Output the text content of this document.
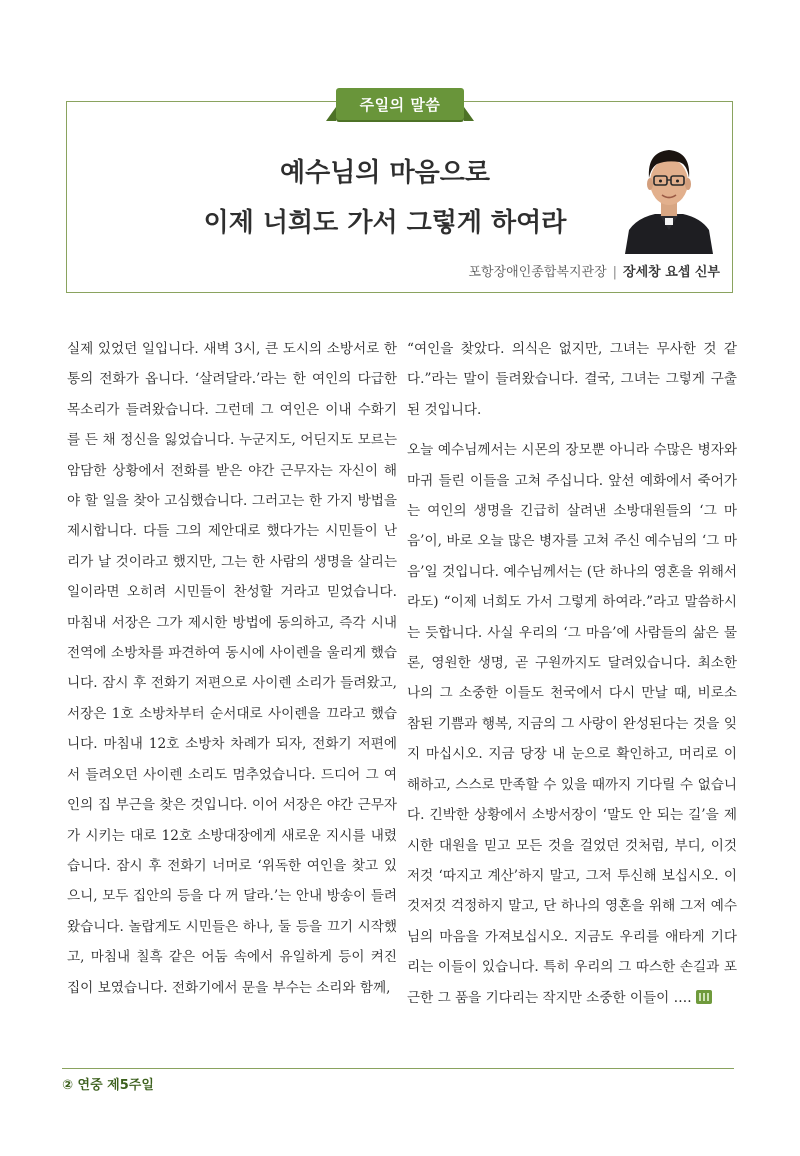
주일의 말씀
예수님의 마음으로
이제 너희도 가서 그렇게 하여라
포항장애인종합복지관장 | 장세창 요셉 신부

실제 있었던 일입니다. 새벽 3시, 큰 도시의 소방서로 한 통의 전화가 옵니다. ‘살려달라.’라는 한 여인의 다급한 목소리가 들려왔습니다. 그런데 그 여인은 이내 수화기를 든 채 정신을 잃었습니다. 누군지도, 어딘지도 모르는 암담한 상황에서 전화를 받은 야간 근무자는 자신이 해야 할 일을 찾아 고심했습니다. 그러고는 한 가지 방법을 제시합니다. 다들 그의 제안대로 했다가는 시민들이 난리가 날 것이라고 했지만, 그는 한 사람의 생명을 살리는 일이라면 오히려 시민들이 찬성할 거라고 믿었습니다. 마침내 서장은 그가 제시한 방법에 동의하고, 즉각 시내 전역에 소방차를 파견하여 동시에 사이렌을 울리게 했습니다. 잠시 후 전화기 저편으로 사이렌 소리가 들려왔고, 서장은 1호 소방차부터 순서대로 사이렌을 끄라고 했습니다. 마침내 12호 소방차 차례가 되자, 전화기 저편에서 들려오던 사이렌 소리도 멈추었습니다. 드디어 그 여인의 집 부근을 찾은 것입니다. 이어 서장은 야간 근무자가 시키는 대로 12호 소방대장에게 새로운 지시를 내렸습니다. 잠시 후 전화기 너머로 ‘위독한 여인을 찾고 있으니, 모두 집안의 등을 다 꺼 달라.’는 안내 방송이 들려왔습니다. 놀랍게도 시민들은 하나, 둘 등을 끄기 시작했고, 마침내 칠흑 같은 어둠 속에서 유일하게 등이 켜진 집이 보였습니다. 전화기에서 문을 부수는 소리와 함께,

“여인을 찾았다. 의식은 없지만, 그녀는 무사한 것 같다.”라는 말이 들려왔습니다. 결국, 그녀는 그렇게 구출된 것입니다.

오늘 예수님께서는 시몬의 장모뿐 아니라 수많은 병자와 마귀 들린 이들을 고쳐 주십니다. 앞선 예화에서 죽어가는 여인의 생명을 긴급히 살려낸 소방대원들의 ‘그 마음’이, 바로 오늘 많은 병자를 고쳐 주신 예수님의 ‘그 마음’일 것입니다. 예수님께서는 (단 하나의 영혼을 위해서라도) “이제 너희도 가서 그렇게 하여라.”라고 말씀하시는 듯합니다. 사실 우리의 ‘그 마음’에 사람들의 삶은 물론, 영원한 생명, 곧 구원까지도 달려있습니다. 최소한 나의 그 소중한 이들도 천국에서 다시 만날 때, 비로소 참된 기쁨과 행복, 지금의 그 사랑이 완성된다는 것을 잊지 마십시오. 지금 당장 내 눈으로 확인하고, 머리로 이해하고, 스스로 만족할 수 있을 때까지 기다릴 수 없습니다. 긴박한 상황에서 소방서장이 ‘말도 안 되는 길’을 제시한 대원을 믿고 모든 것을 걸었던 것처럼, 부디, 이것저것 ‘따지고 계산’하지 말고, 그저 투신해 보십시오. 이것저것 걱정하지 말고, 단 하나의 영혼을 위해 그저 예수님의 마음을 가져보십시오. 지금도 우리를 애타게 기다리는 이들이 있습니다. 특히 우리의 그 따스한 손길과 포근한 그 품을 기다리는 작지만 소중한 이들이 ….

② 연중 제5주일
